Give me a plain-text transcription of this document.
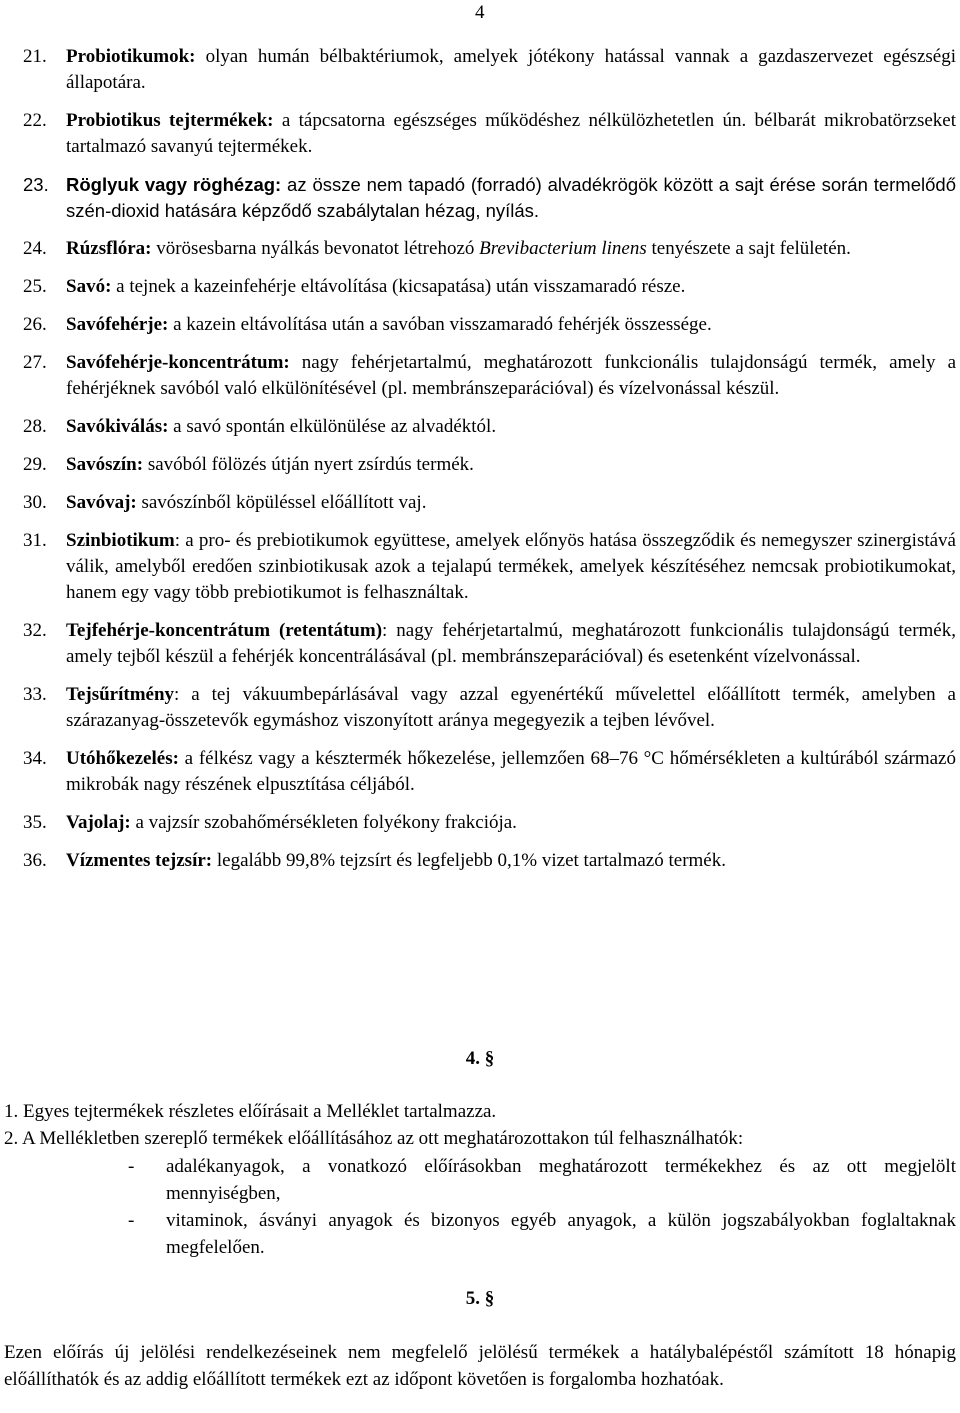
4
21. Probiotikumok: olyan humán bélbaktériumok, amelyek jótékony hatással vannak a gazdaszervezet egészségi állapotára.
22. Probiotikus tejtermékek: a tápcsatorna egészséges működéshez nélkülözhetetlen ún. bélbarát mikrobatörzseket tartalmazó savanyú tejtermékek.
23. Röglyuk vagy röghézag: az össze nem tapadó (forradó) alvadékrögök között a sajt érése során termelődő szén-dioxid hatására képződő szabálytalan hézag, nyílás.
24. Rúzsflóra: vörösesbarna nyálkás bevonatot létrehozó Brevibacterium linens tenyészete a sajt felületén.
25. Savó: a tejnek a kazeinfehérje eltávolítása (kicsapatása) után visszamaradó része.
26. Savófehérje: a kazein eltávolítása után a savóban visszamaradó fehérjék összessége.
27. Savófehérje-koncentrátum: nagy fehérjetartalmú, meghatározott funkcionális tulajdonságú termék, amely a fehérjéknek savóból való elkülönítésével (pl. membránszeparációval) és vízelvonással készül.
28. Savókiválás: a savó spontán elkülönülése az alvadéktól.
29. Savószín: savóból fölözés útján nyert zsírdús termék.
30. Savóvaj: savószínből köpüléssel előállított vaj.
31. Szinbiotikum: a pro- és prebiotikumok együttese, amelyek előnyös hatása összegződik és nemegyszer szinergistává válik, amelyből eredően szinbiotikusak azok a tejalapú termékek, amelyek készítéséhez nemcsak probiotikumokat, hanem egy vagy több prebiotikumot is felhasználtak.
32. Tejfehérje-koncentrátum (retentátum): nagy fehérjetartalmú, meghatározott funkcionális tulajdonságú termék, amely tejből készül a fehérjék koncentrálásával (pl. membránszeparációval) és esetenként vízelvonással.
33. Tejsűrítmény: a tej vákuumbepárlásával vagy azzal egyenértékű művelettel előállított termék, amelyben a szárazanyag-összetevők egymáshoz viszonyított aránya megegyezik a tejben lévővel.
34. Utóhőkezelés: a félkész vagy a késztermék hőkezelése, jellemzően 68–76 °C hőmérsékleten a kultúrából származó mikrobák nagy részének elpusztítása céljából.
35. Vajolaj: a vajzsír szobahőmérsékleten folyékony frakciója.
36. Vízmentes tejzsír: legalább 99,8% tejzsírt és legfeljebb 0,1% vizet tartalmazó termék.
4. §
1. Egyes tejtermékek részletes előírásait a Melléklet tartalmazza.
2. A Mellékletben szereplő termékek előállításához az ott meghatározottakon túl felhasználhatók:
- adalékanyagok, a vonatkozó előírásokban meghatározott termékekhez és az ott megjelölt mennyiségben,
- vitaminok, ásványi anyagok és bizonyos egyéb anyagok, a külön jogszabályokban foglaltaknak megfelelően.
5. §
Ezen előírás új jelölési rendelkezéseinek nem megfelelő jelölésű termékek a hatálybalépéstől számított 18 hónapig előállíthatók és az addig előállított termékek ezt az időpont követően is forgalomba hozhatóak.
